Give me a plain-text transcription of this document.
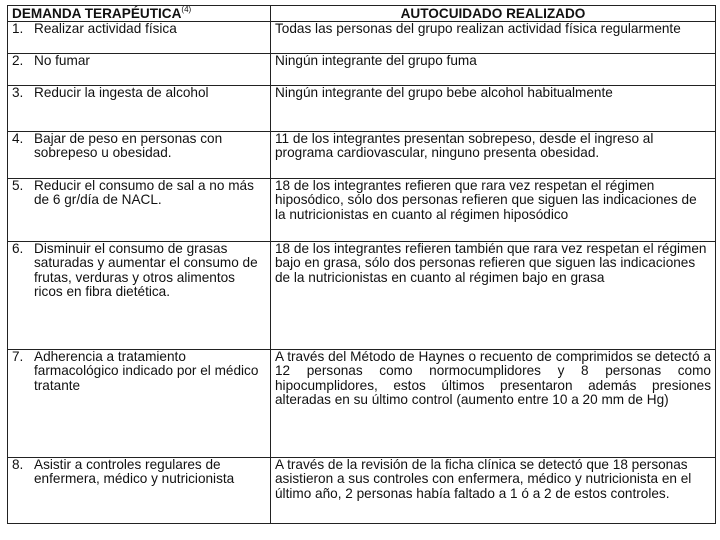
DEMANDA TERAPÉUTICA$^{(4)}$	AUTOCUIDADO REALIZADO

1. Realizar actividad física	Todas las personas del grupo realizan actividad física regularmente

2. No fumar	Ningún integrante del grupo fuma

3. Reducir la ingesta de alcohol	Ningún integrante del grupo bebe alcohol habitualmente

4. Bajar de peso en personas con sobrepeso u obesidad.	11 de los integrantes presentan sobrepeso, desde el ingreso al programa cardiovascular, ninguno presenta obesidad.

5. Reducir el consumo de sal a no más de 6 gr/día de NACL.	18 de los integrantes refieren que rara vez respetan el régimen hiposódico, sólo dos personas refieren que siguen las indicaciones de la nutricionistas en cuanto al régimen hiposódico

6. Disminuir el consumo de grasas saturadas y aumentar el consumo de frutas, verduras y otros alimentos ricos en fibra dietética.	18 de los integrantes refieren también que rara vez respetan el régimen bajo en grasa, sólo dos personas refieren que siguen las indicaciones de la nutricionistas en cuanto al régimen bajo en grasa

7. Adherencia a tratamiento farmacológico indicado por el médico tratante	A través del Método de Haynes o recuento de comprimidos se detectó a 12 personas como normocumplidores y 8 personas como hipocumplidores, estos últimos presentaron además presiones alteradas en su último control (aumento entre 10 a 20 mm de Hg)

8. Asistir a controles regulares de enfermera, médico y nutricionista	A través de la revisión de la ficha clínica se detectó que 18 personas asistieron a sus controles con enfermera, médico y nutricionista en el último año, 2 personas había faltado a 1 ó a 2 de estos controles.
